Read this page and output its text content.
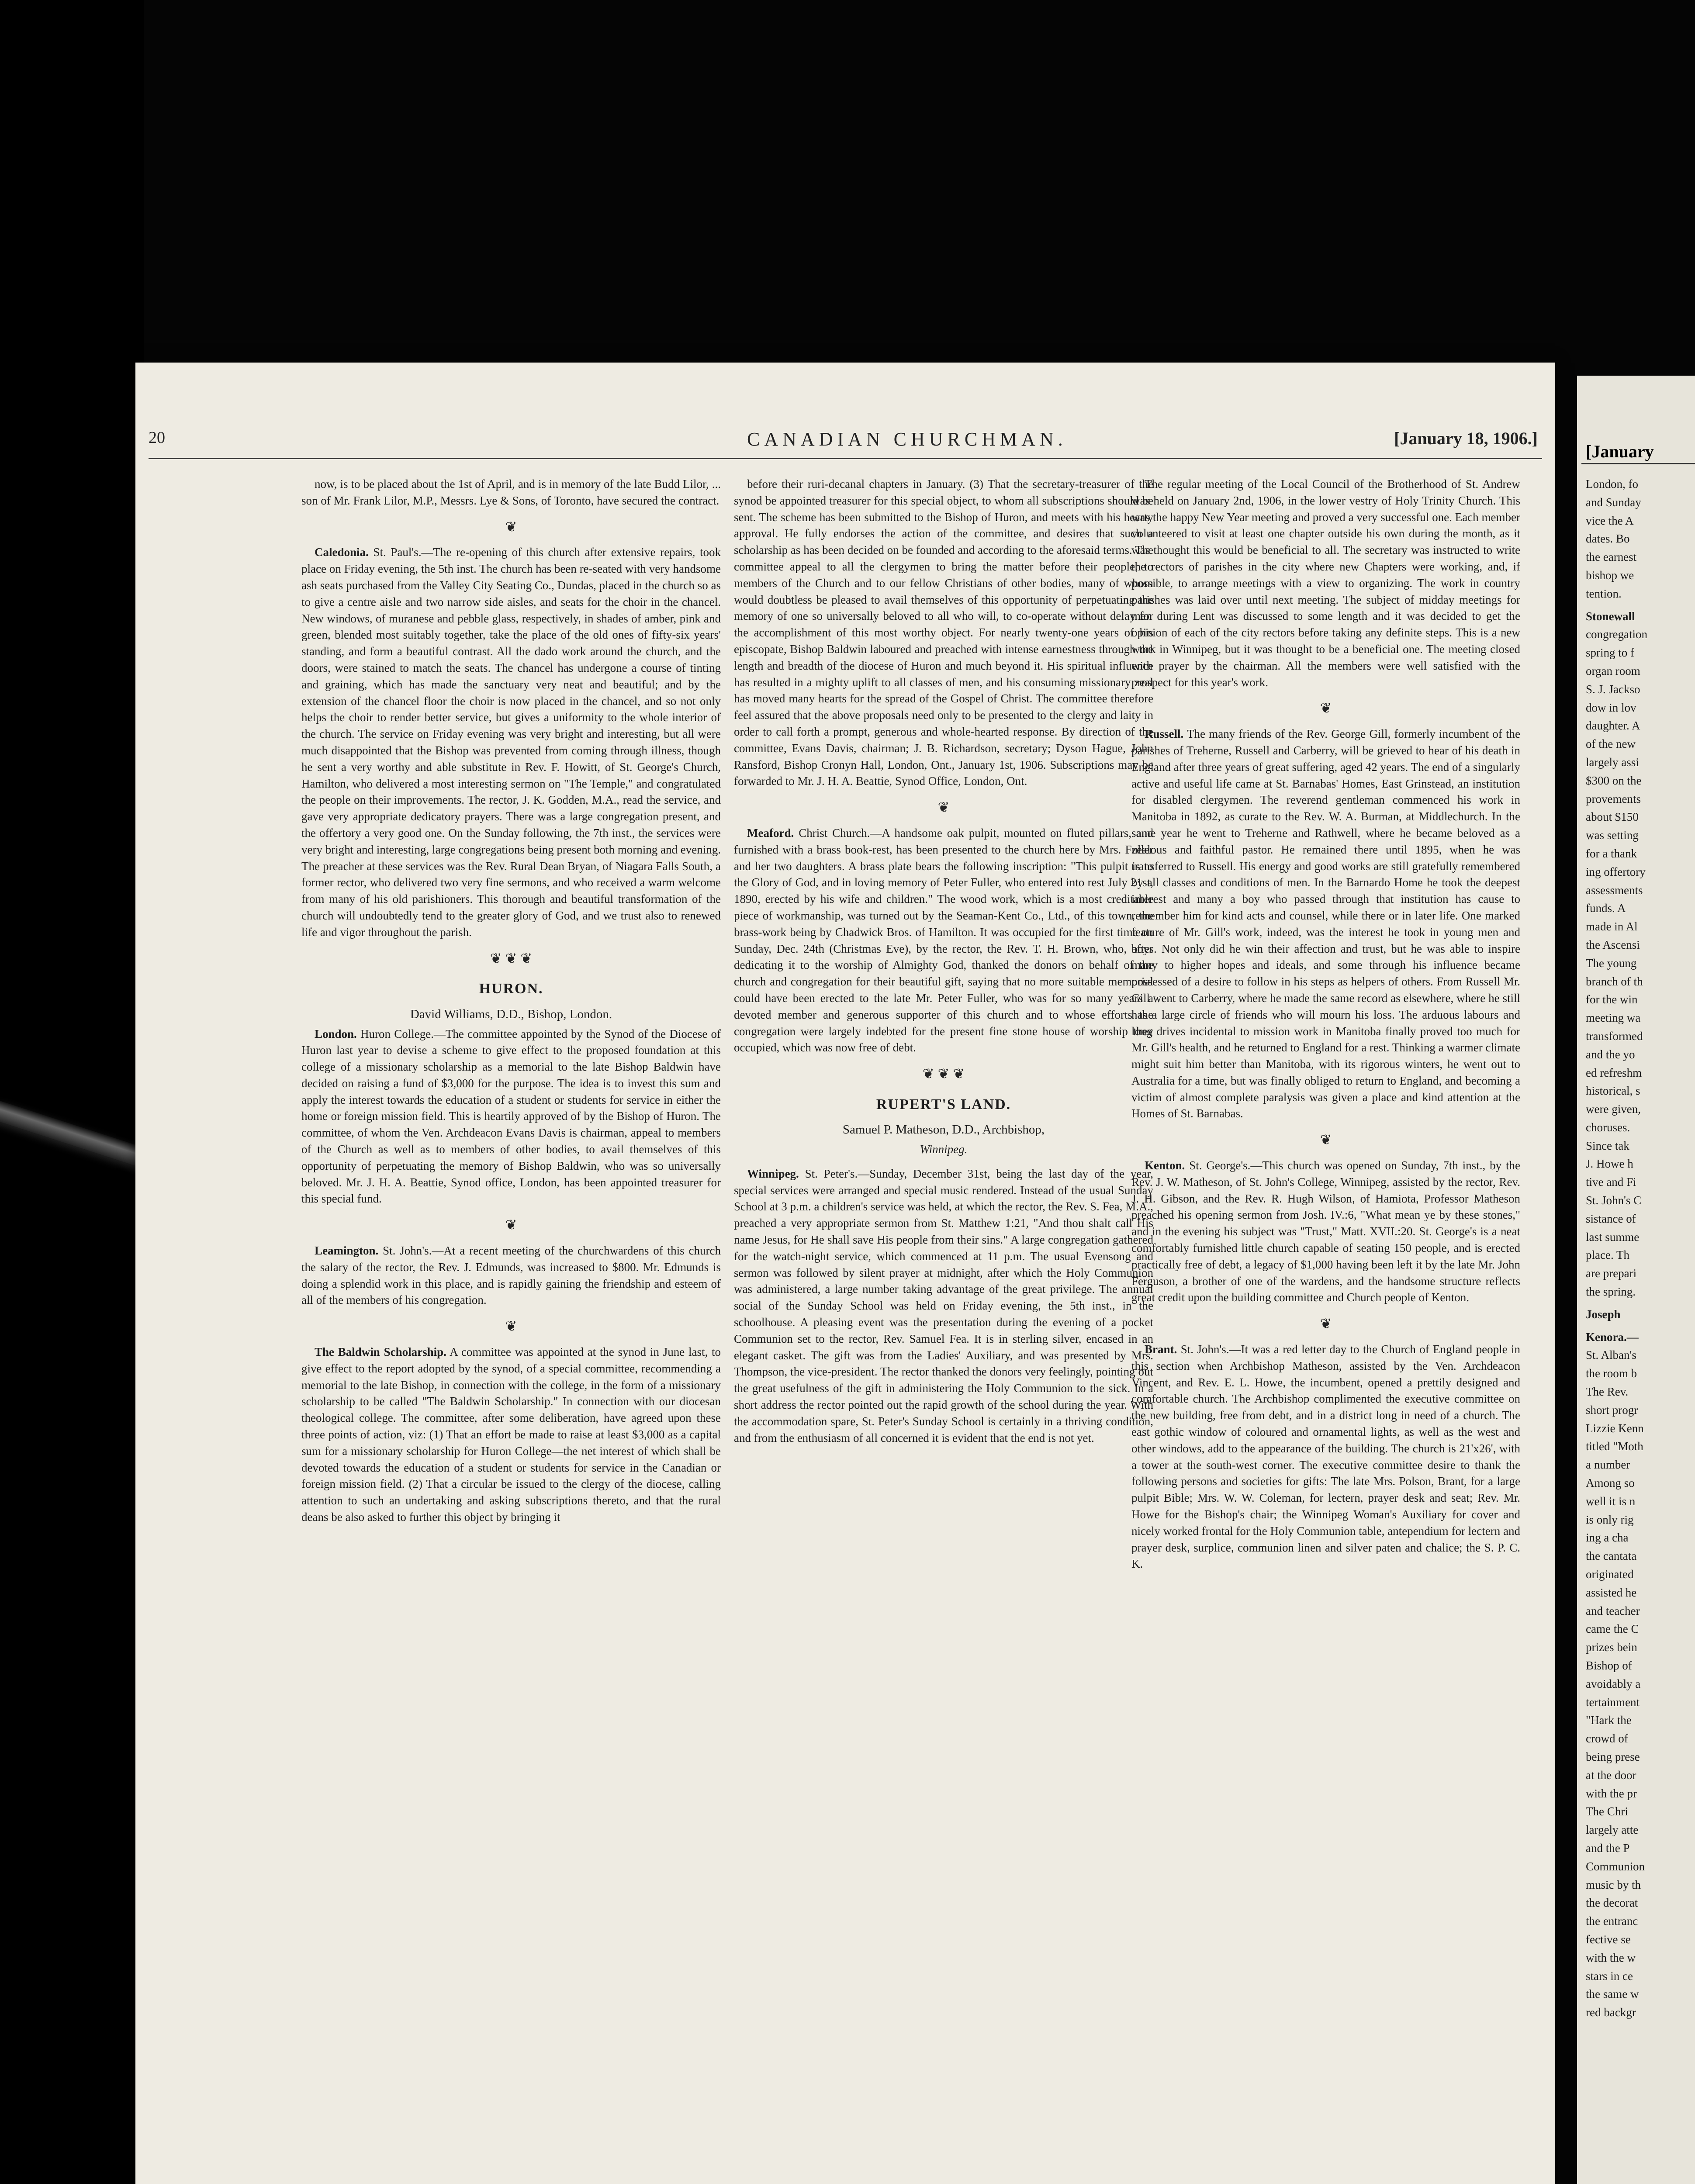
20	CANADIAN CHURCHMAN.	[January 18, 1906.]

now, is to be placed about the 1st of April, and is in memory of the late Budd Lilor, ... son of Mr. Frank Lilor, M.P., Messrs. Lye & Sons, of Toronto, have secured the contract.

❦

Caledonia. St. Paul's.—The re-opening of this church after extensive repairs, took place on Friday evening, the 5th inst. The church has been re-seated with very handsome ash seats purchased from the Valley City Seating Co., Dundas, placed in the church so as to give a centre aisle and two narrow side aisles, and seats for the choir in the chancel. New windows, of muranese and pebble glass, respectively, in shades of amber, pink and green, blended most suitably together, take the place of the old ones of fifty-six years' standing, and form a beautiful contrast. All the dado work around the church, and the doors, were stained to match the seats. The chancel has undergone a course of tinting and graining, which has made the sanctuary very neat and beautiful; and by the extension of the chancel floor the choir is now placed in the chancel, and so not only helps the choir to render better service, but gives a uniformity to the whole interior of the church. The service on Friday evening was very bright and interesting, but all were much disappointed that the Bishop was prevented from coming through illness, though he sent a very worthy and able substitute in Rev. F. Howitt, of St. George's Church, Hamilton, who delivered a most interesting sermon on "The Temple," and congratulated the people on their improvements. The rector, J. K. Godden, M.A., read the service, and gave very appropriate dedicatory prayers. There was a large congregation present, and the offertory a very good one. On the Sunday following, the 7th inst., the services were very bright and interesting, large congregations being present both morning and evening. The preacher at these services was the Rev. Rural Dean Bryan, of Niagara Falls South, a former rector, who delivered two very fine sermons, and who received a warm welcome from many of his old parishioners. This thorough and beautiful transformation of the church will undoubtedly tend to the greater glory of God, and we trust also to renewed life and vigor throughout the parish.

❦ ❦ ❦
HURON.
David Williams, D.D., Bishop, London.

London. Huron College.—The committee appointed by the Synod of the Diocese of Huron last year to devise a scheme to give effect to the proposed foundation at this college of a missionary scholarship as a memorial to the late Bishop Baldwin have decided on raising a fund of $3,000 for the purpose. The idea is to invest this sum and apply the interest towards the education of a student or students for service in either the home or foreign mission field. This is heartily approved of by the Bishop of Huron. The committee, of whom the Ven. Archdeacon Evans Davis is chairman, appeal to members of the Church as well as to members of other bodies, to avail themselves of this opportunity of perpetuating the memory of Bishop Baldwin, who was so universally beloved. Mr. J. H. A. Beattie, Synod office, London, has been appointed treasurer for this special fund.

❦

Leamington. St. John's.—At a recent meeting of the churchwardens of this church the salary of the rector, the Rev. J. Edmunds, was increased to $800. Mr. Edmunds is doing a splendid work in this place, and is rapidly gaining the friendship and esteem of all of the members of his congregation.

❦

The Baldwin Scholarship. A committee was appointed at the synod in June last, to give effect to the report adopted by the synod, of a special committee, recommending a memorial to the late Bishop, in connection with the college, in the form of a missionary scholarship to be called "The Baldwin Scholarship." In connection with our diocesan theological college. The committee, after some deliberation, have agreed upon these three points of action, viz: (1) That an effort be made to raise at least $3,000 as a capital sum for a missionary scholarship for Huron College—the net interest of which shall be devoted towards the education of a student or students for service in the Canadian or foreign mission field. (2) That a circular be issued to the clergy of the diocese, calling attention to such an undertaking and asking subscriptions thereto, and that the rural deans be also asked to further this object by bringing it

before their ruri-decanal chapters in January. (3) That the secretary-treasurer of the synod be appointed treasurer for this special object, to whom all subscriptions should be sent. The scheme has been submitted to the Bishop of Huron, and meets with his hearty approval. He fully endorses the action of the committee, and desires that such a scholarship as has been decided on be founded and according to the aforesaid terms. The committee appeal to all the clergymen to bring the matter before their people, to members of the Church and to our fellow Christians of other bodies, many of whom would doubtless be pleased to avail themselves of this opportunity of perpetuating the memory of one so universally beloved to all who will, to co-operate without delay for the accomplishment of this most worthy object. For nearly twenty-one years of his episcopate, Bishop Baldwin laboured and preached with intense earnestness through the length and breadth of the diocese of Huron and much beyond it. His spiritual influence has resulted in a mighty uplift to all classes of men, and his consuming missionary zeal has moved many hearts for the spread of the Gospel of Christ. The committee therefore feel assured that the above proposals need only to be presented to the clergy and laity in order to call forth a prompt, generous and whole-hearted response. By direction of the committee, Evans Davis, chairman; J. B. Richardson, secretary; Dyson Hague, John Ransford, Bishop Cronyn Hall, London, Ont., January 1st, 1906. Subscriptions may be forwarded to Mr. J. H. A. Beattie, Synod Office, London, Ont.

❦

Meaford. Christ Church.—A handsome oak pulpit, mounted on fluted pillars, and furnished with a brass book-rest, has been presented to the church here by Mrs. Fuller and her two daughters. A brass plate bears the following inscription: "This pulpit is to the Glory of God, and in loving memory of Peter Fuller, who entered into rest July 21st, 1890, erected by his wife and children." The wood work, which is a most creditable piece of workmanship, was turned out by the Seaman-Kent Co., Ltd., of this town, the brass-work being by Chadwick Bros. of Hamilton. It was occupied for the first time on Sunday, Dec. 24th (Christmas Eve), by the rector, the Rev. T. H. Brown, who, after dedicating it to the worship of Almighty God, thanked the donors on behalf of the church and congregation for their beautiful gift, saying that no more suitable memorial could have been erected to the late Mr. Peter Fuller, who was for so many years a devoted member and generous supporter of this church and to whose efforts the congregation were largely indebted for the present fine stone house of worship they occupied, which was now free of debt.

❦ ❦ ❦
RUPERT'S LAND.
Samuel P. Matheson, D.D., Archbishop,
Winnipeg.

Winnipeg. St. Peter's.—Sunday, December 31st, being the last day of the year, special services were arranged and special music rendered. Instead of the usual Sunday School at 3 p.m. a children's service was held, at which the rector, the Rev. S. Fea, M.A., preached a very appropriate sermon from St. Matthew 1:21, "And thou shalt call His name Jesus, for He shall save His people from their sins." A large congregation gathered for the watch-night service, which commenced at 11 p.m. The usual Evensong and sermon was followed by silent prayer at midnight, after which the Holy Communion was administered, a large number taking advantage of the great privilege. The annual social of the Sunday School was held on Friday evening, the 5th inst., in the schoolhouse. A pleasing event was the presentation during the evening of a pocket Communion set to the rector, Rev. Samuel Fea. It is in sterling silver, encased in an elegant casket. The gift was from the Ladies' Auxiliary, and was presented by Mrs. Thompson, the vice-president. The rector thanked the donors very feelingly, pointing out the great usefulness of the gift in administering the Holy Communion to the sick. In a short address the rector pointed out the rapid growth of the school during the year. With the accommodation spare, St. Peter's Sunday School is certainly in a thriving condition, and from the enthusiasm of all concerned it is evident that the end is not yet.

The regular meeting of the Local Council of the Brotherhood of St. Andrew was held on January 2nd, 1906, in the lower vestry of Holy Trinity Church. This was the happy New Year meeting and proved a very successful one. Each member volunteered to visit at least one chapter outside his own during the month, as it was thought this would be beneficial to all. The secretary was instructed to write the rectors of parishes in the city where new Chapters were working, and, if possible, to arrange meetings with a view to organizing. The work in country parishes was laid over until next meeting. The subject of midday meetings for men during Lent was discussed to some length and it was decided to get the opinion of each of the city rectors before taking any definite steps. This is a new work in Winnipeg, but it was thought to be a beneficial one. The meeting closed with prayer by the chairman. All the members were well satisfied with the prospect for this year's work.

❦

Russell. The many friends of the Rev. George Gill, formerly incumbent of the parishes of Treherne, Russell and Carberry, will be grieved to hear of his death in England after three years of great suffering, aged 42 years. The end of a singularly active and useful life came at St. Barnabas' Homes, East Grinstead, an institution for disabled clergymen. The reverend gentleman commenced his work in Manitoba in 1892, as curate to the Rev. W. A. Burman, at Middlechurch. In the same year he went to Treherne and Rathwell, where he became beloved as a zealous and faithful pastor. He remained there until 1895, when he was transferred to Russell. His energy and good works are still gratefully remembered by all classes and conditions of men. In the Barnardo Home he took the deepest interest and many a boy who passed through that institution has cause to remember him for kind acts and counsel, while there or in later life. One marked feature of Mr. Gill's work, indeed, was the interest he took in young men and boys. Not only did he win their affection and trust, but he was able to inspire many to higher hopes and ideals, and some through his influence became possessed of a desire to follow in his steps as helpers of others. From Russell Mr. Gill went to Carberry, where he made the same record as elsewhere, where he still has a large circle of friends who will mourn his loss. The arduous labours and long drives incidental to mission work in Manitoba finally proved too much for Mr. Gill's health, and he returned to England for a rest. Thinking a warmer climate might suit him better than Manitoba, with its rigorous winters, he went out to Australia for a time, but was finally obliged to return to England, and becoming a victim of almost complete paralysis was given a place and kind attention at the Homes of St. Barnabas.

❦

Kenton. St. George's.—This church was opened on Sunday, 7th inst., by the Rev. J. W. Matheson, of St. John's College, Winnipeg, assisted by the rector, Rev. J. H. Gibson, and the Rev. R. Hugh Wilson, of Hamiota, Professor Matheson preached his opening sermon from Josh. IV.:6, "What mean ye by these stones," and in the evening his subject was "Trust," Matt. XVII.:20. St. George's is a neat comfortably furnished little church capable of seating 150 people, and is erected practically free of debt, a legacy of $1,000 having been left it by the late Mr. John Ferguson, a brother of one of the wardens, and the handsome structure reflects great credit upon the building committee and Church people of Kenton.

❦

Brant. St. John's.—It was a red letter day to the Church of England people in this section when Archbishop Matheson, assisted by the Ven. Archdeacon Vincent, and Rev. E. L. Howe, the incumbent, opened a prettily designed and comfortable church. The Archbishop complimented the executive committee on the new building, free from debt, and in a district long in need of a church. The east gothic window of coloured and ornamental lights, as well as the west and other windows, add to the appearance of the building. The church is 21'x26', with a tower at the south-west corner. The executive committee desire to thank the following persons and societies for gifts: The late Mrs. Polson, Brant, for a large pulpit Bible; Mrs. W. W. Coleman, for lectern, prayer desk and seat; Rev. Mr. Howe for the Bishop's chair; the Winnipeg Woman's Auxiliary for cover and nicely worked frontal for the Holy Communion table, antependium for lectern and prayer desk, surplice, communion linen and silver paten and chalice; the S. P. C. K.

[January
London, fo
and Sunday
vice the A
dates. Bo
the earnest
bishop we
tention.
Stonewall
congregation
spring to f
organ room
S. J. Jackso
dow in lov
daughter. A
of the new
largely assi
$300 on the
provements
about $150
was setting
for a thank
ing offertory
assessments
funds. A
made in Al
the Ascensi
The young
branch of th
for the win
meeting wa
transformed
and the yo
ed refreshm
historical, s
were given,
choruses.
Since tak
J. Howe h
tive and Fi
St. John's C
sistance of
last summe
place. Th
are prepari
the spring.
Joseph
Kenora.—
St. Alban's
the room b
The Rev.
short progr
Lizzie Kenn
titled "Moth
a number
Among so
well it is n
is only rig
ing a cha
the cantata
originated
assisted he
and teacher
came the C
prizes bein
Bishop of
avoidably a
tertainment
"Hark the
crowd of
being prese
at the door
with the pr
The Chri
largely atte
and the P
Communion
music by th
the decorat
the entranc
fective se
with the w
stars in ce
the same w
red backgr
